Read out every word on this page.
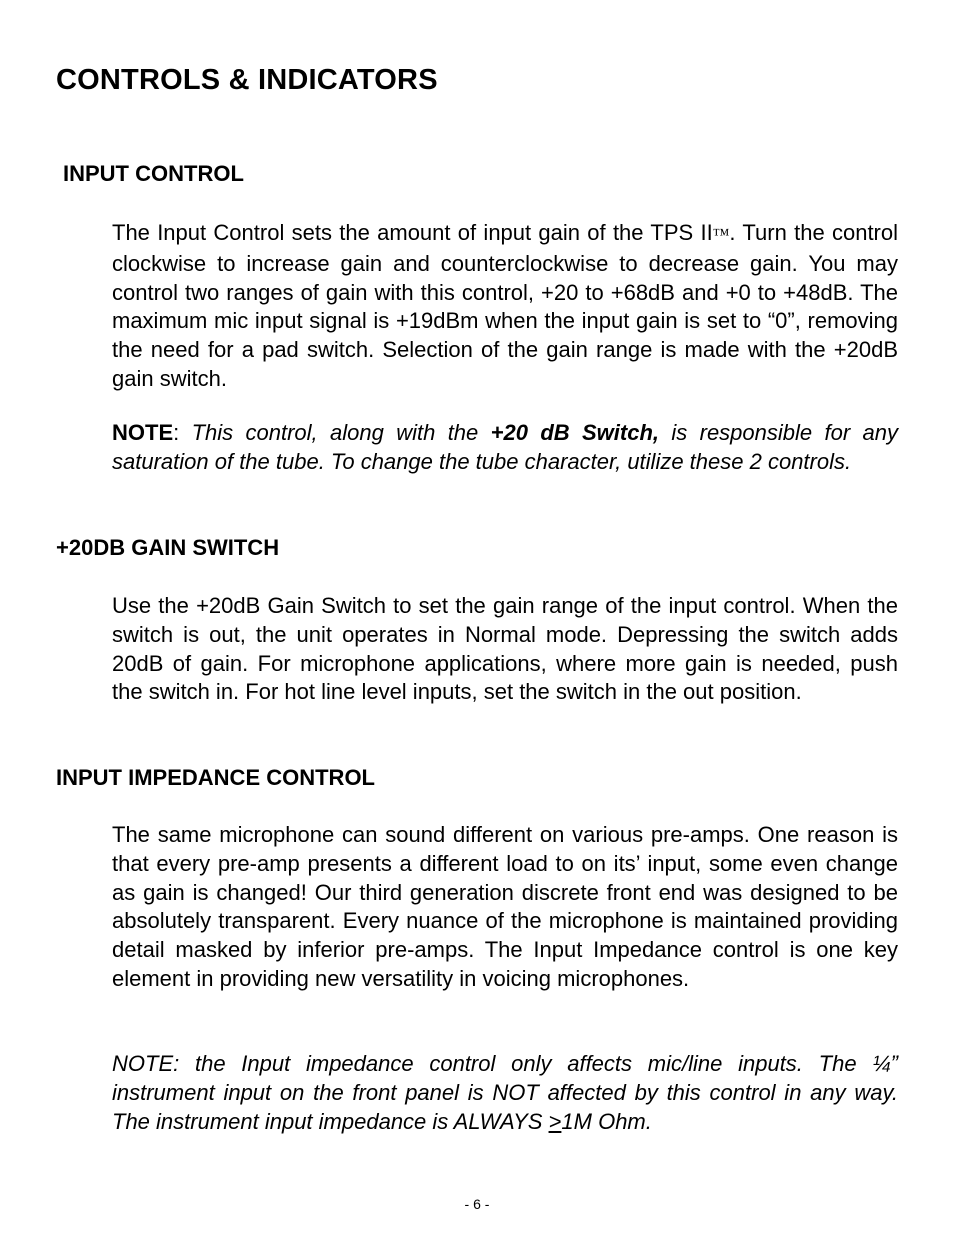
CONTROLS & INDICATORS
INPUT CONTROL

The Input Control sets the amount of input gain of the TPS II™. Turn the control clockwise to increase gain and counterclockwise to decrease gain. You may control two ranges of gain with this control, +20 to +68dB and +0 to +48dB. The maximum mic input signal is +19dBm when the input gain is set to “0”, removing the need for a pad switch. Selection of the gain range is made with the +20dB gain switch.

NOTE: This control, along with the +20 dB Switch, is responsible for any saturation of the tube. To change the tube character, utilize these 2 controls.

+20DB GAIN SWITCH

Use the +20dB Gain Switch to set the gain range of the input control. When the switch is out, the unit operates in Normal mode. Depressing the switch adds 20dB of gain. For microphone applications, where more gain is needed, push the switch in. For hot line level inputs, set the switch in the out position.

INPUT IMPEDANCE CONTROL

The same microphone can sound different on various pre-amps. One reason is that every pre-amp presents a different load to on its’ input, some even change as gain is changed! Our third generation discrete front end was designed to be absolutely transparent. Every nuance of the microphone is maintained providing detail masked by inferior pre-amps. The Input Impedance control is one key element in providing new versatility in voicing microphones.

NOTE: the Input impedance control only affects mic/line inputs. The ¼” instrument input on the front panel is NOT affected by this control in any way. The instrument input impedance is ALWAYS >1M Ohm.

- 6 -
